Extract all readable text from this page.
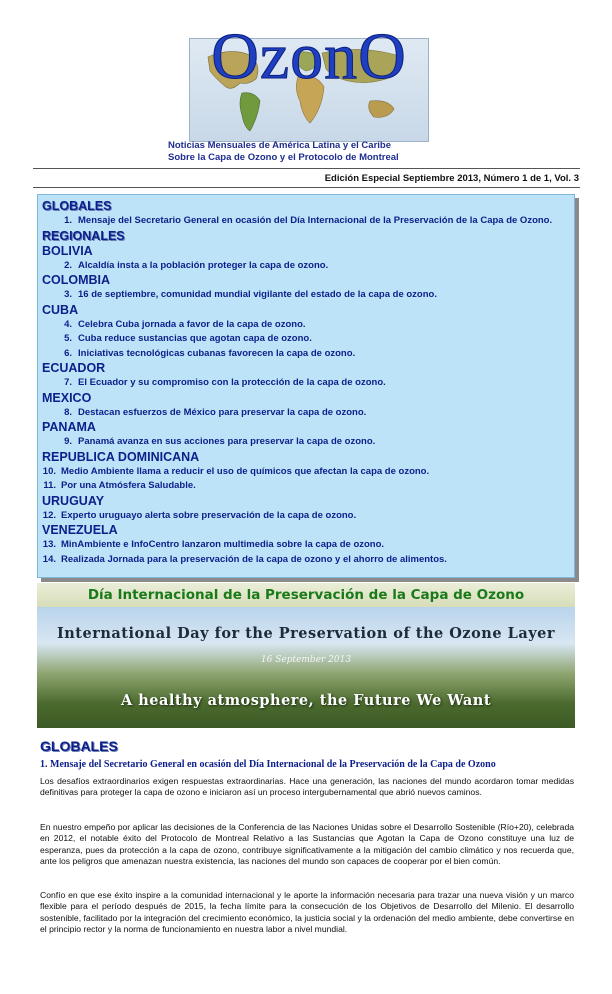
OzonO
Noticias Mensuales de América Latina y el Caribe
Sobre la Capa de Ozono y el Protocolo de Montreal
Edición Especial Septiembre 2013, Número 1 de 1, Vol. 3
GLOBALES
1. Mensaje del Secretario General en ocasión del Día Internacional de la Preservación de la Capa de Ozono.
REGIONALES
BOLIVIA
2. Alcaldía insta a la población proteger la capa de ozono.
COLOMBIA
3. 16 de septiembre, comunidad mundial vigilante del estado de la capa de ozono.
CUBA
4. Celebra Cuba jornada a favor de la capa de ozono.
5. Cuba reduce sustancias que agotan capa de ozono.
6. Iniciativas tecnológicas cubanas favorecen la capa de ozono.
ECUADOR
7. El Ecuador y su compromiso con la protección de la capa de ozono.
MEXICO
8. Destacan esfuerzos de México para preservar la capa de ozono.
PANAMA
9. Panamá avanza en sus acciones para preservar la capa de ozono.
REPUBLICA DOMINICANA
10. Medio Ambiente llama a reducir el uso de químicos que afectan la capa de ozono.
11. Por una Atmósfera Saludable.
URUGUAY
12. Experto uruguayo alerta sobre preservación de la capa de ozono.
VENEZUELA
13. MinAmbiente e InfoCentro lanzaron multimedia sobre la capa de ozono.
14. Realizada Jornada para la preservación de la capa de ozono y el ahorro de alimentos.
Día Internacional de la Preservación de la Capa de Ozono
International Day for the Preservation of the Ozone Layer
16 September 2013
A healthy atmosphere, the Future We Want
GLOBALES
1. Mensaje del Secretario General en ocasión del Día Internacional de la Preservación de la Capa de Ozono

Los desafíos extraordinarios exigen respuestas extraordinarias. Hace una generación, las naciones del mundo acordaron tomar medidas definitivas para proteger la capa de ozono e iniciaron así un proceso intergubernamental que abrió nuevos caminos.

En nuestro empeño por aplicar las decisiones de la Conferencia de las Naciones Unidas sobre el Desarrollo Sostenible (Río+20), celebrada en 2012, el notable éxito del Protocolo de Montreal Relativo a las Sustancias que Agotan la Capa de Ozono constituye una luz de esperanza, pues da protección a la capa de ozono, contribuye significativamente a la mitigación del cambio climático y nos recuerda que, ante los peligros que amenazan nuestra existencia, las naciones del mundo son capaces de cooperar por el bien común.

Confío en que ese éxito inspire a la comunidad internacional y le aporte la información necesaria para trazar una nueva visión y un marco flexible para el período después de 2015, la fecha límite para la consecución de los Objetivos de Desarrollo del Milenio. El desarrollo sostenible, facilitado por la integración del crecimiento económico, la justicia social y la ordenación del medio ambiente, debe convertirse en el principio rector y la norma de funcionamiento en nuestra labor a nivel mundial.
